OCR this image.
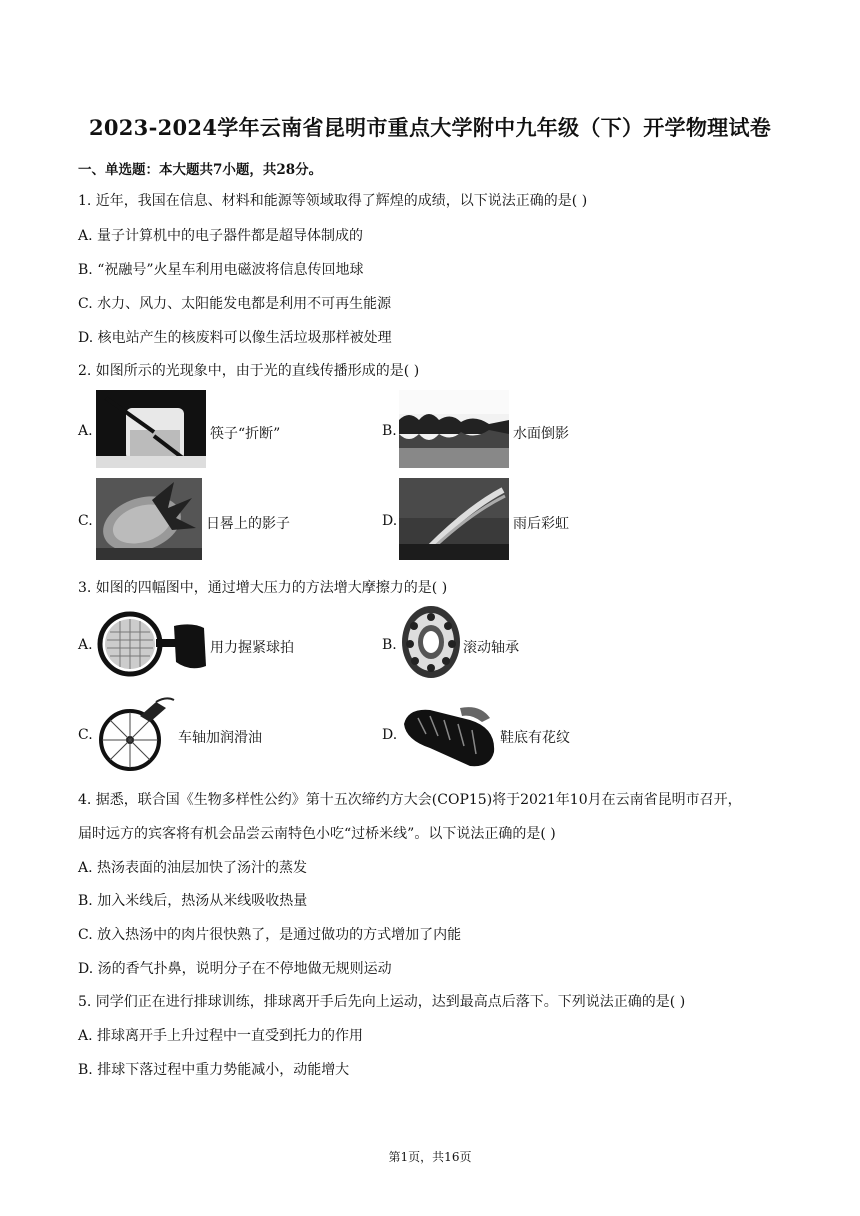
2023-2024学年云南省昆明市重点大学附中九年级（下）开学物理试卷
一、单选题：本大题共7小题，共28分。
1. 近年，我国在信息、材料和能源等领域取得了辉煌的成绩，以下说法正确的是( )
A. 量子计算机中的电子器件都是超导体制成的
B. “祝融号”火星车利用电磁波将信息传回地球
C. 水力、风力、太阳能发电都是利用不可再生能源
D. 核电站产生的核废料可以像生活垃圾那样被处理
2. 如图所示的光现象中，由于光的直线传播形成的是( )
A.	筷子“折断”	B.	水面倒影
C.	日晷上的影子	D.	雨后彩虹
3. 如图的四幅图中，通过增大压力的方法增大摩擦力的是( )
A.	用力握紧球拍	B.	滚动轴承
C.	车轴加润滑油	D.	鞋底有花纹
4. 据悉，联合国《生物多样性公约》第十五次缔约方大会(COP15)将于2021年10月在云南省昆明市召开，
届时远方的宾客将有机会品尝云南特色小吃“过桥米线”。以下说法正确的是( )
A. 热汤表面的油层加快了汤汁的蒸发
B. 加入米线后，热汤从米线吸收热量
C. 放入热汤中的肉片很快熟了，是通过做功的方式增加了内能
D. 汤的香气扑鼻，说明分子在不停地做无规则运动
5. 同学们正在进行排球训练，排球离开手后先向上运动，达到最高点后落下。下列说法正确的是( )
A. 排球离开手上升过程中一直受到托力的作用
B. 排球下落过程中重力势能减小，动能增大
第1页，共16页
